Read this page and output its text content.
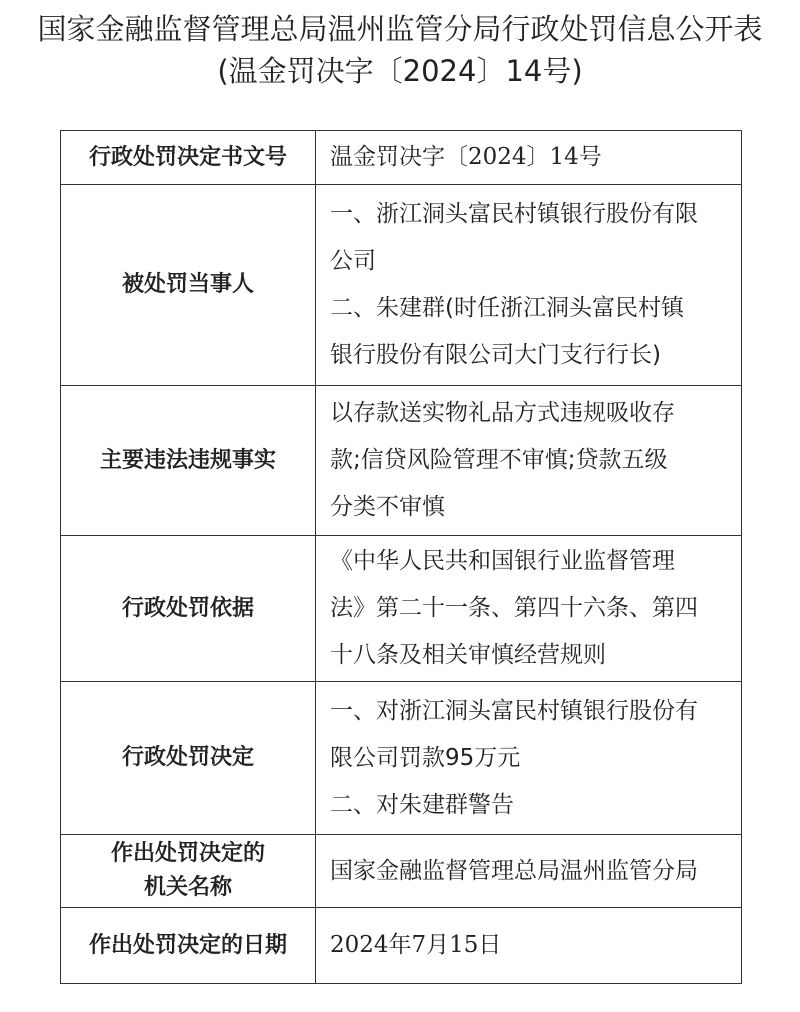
国家金融监督管理总局温州监管分局行政处罚信息公开表
(温金罚决字〔2024〕14号)
行政处罚决定书文号	温金罚决字〔2024〕14号

被处罚当事人	一、浙江洞头富民村镇银行股份有限
公司
二、朱建群(时任浙江洞头富民村镇
银行股份有限公司大门支行行长)

主要违法违规事实	以存款送实物礼品方式违规吸收存
款;信贷风险管理不审慎;贷款五级
分类不审慎

行政处罚依据	《中华人民共和国银行业监督管理
法》第二十一条、第四十六条、第四
十八条及相关审慎经营规则

行政处罚决定	一、对浙江洞头富民村镇银行股份有
限公司罚款95万元
二、对朱建群警告

作出处罚决定的
机关名称	国家金融监督管理总局温州监管分局

作出处罚决定的日期	2024年7月15日
